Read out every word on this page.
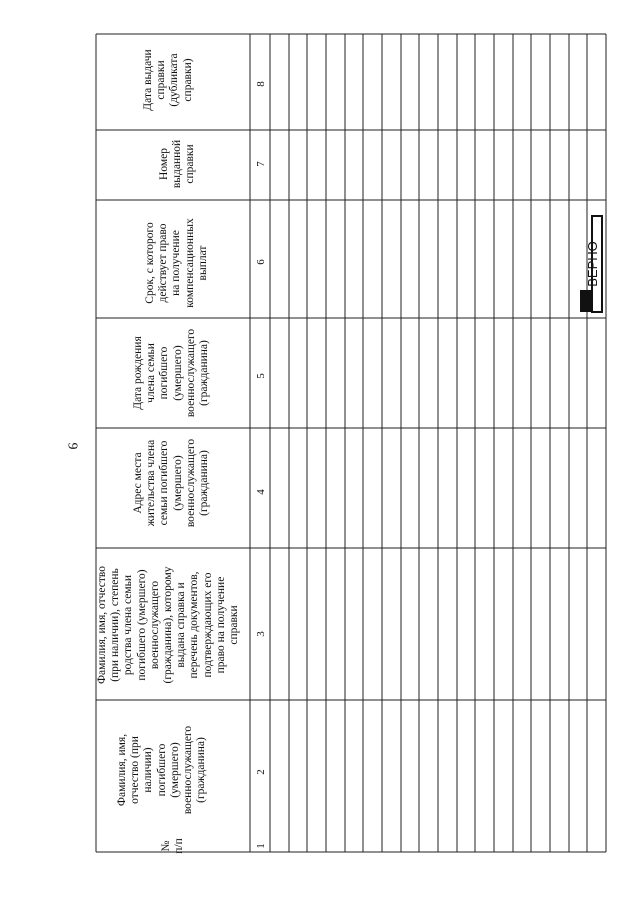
9
№
п/п
Фамилия, имя,
отчество (при
наличии)
погибшего
(умершего)
военнослужащего
(гражданина)
Фамилия, имя, отчество
(при наличии), степень
родства члена семьи
погибшего (умершего)
военнослужащего
(гражданина), которому
выдана справка и
перечень документов,
подтверждающих его
право на получение
справки
Адрес места
жительства члена
семьи погибшего
(умершего)
военнослужащего
(гражданина)
Дата рождения
члена семьи
погибшего
(умершего)
военнослужащего
(гражданина)
Срок, с которого
действует право
на получение
компенсационных
выплат
Номер
выданной
справки
Дата выдачи
справки
(дубликата
справки)
1
2
3
4
5
6
7
8
ВЕРНО
